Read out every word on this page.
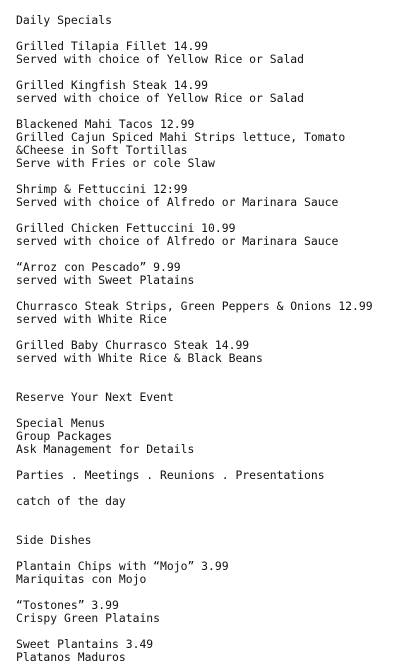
Daily Specials
Grilled Tilapia Fillet 14.99
Served with choice of Yellow Rice or Salad
Grilled Kingfish Steak 14.99
served with choice of Yellow Rice or Salad
Blackened Mahi Tacos 12.99
Grilled Cajun Spiced Mahi Strips lettuce, Tomato
&Cheese in Soft Tortillas
Serve with Fries or cole Slaw
Shrimp & Fettuccini 12:99
Served with choice of Alfredo or Marinara Sauce
Grilled Chicken Fettuccini 10.99
served with choice of Alfredo or Marinara Sauce
“Arroz con Pescado” 9.99
served with Sweet Platains
Churrasco Steak Strips, Green Peppers & Onions 12.99
served with White Rice
Grilled Baby Churrasco Steak 14.99
served with White Rice & Black Beans
Reserve Your Next Event
Special Menus
Group Packages
Ask Management for Details
Parties . Meetings . Reunions . Presentations
catch of the day
Side Dishes
Plantain Chips with “Mojo” 3.99
Mariquitas con Mojo
“Tostones” 3.99
Crispy Green Platains
Sweet Plantains 3.49
Platanos Maduros
